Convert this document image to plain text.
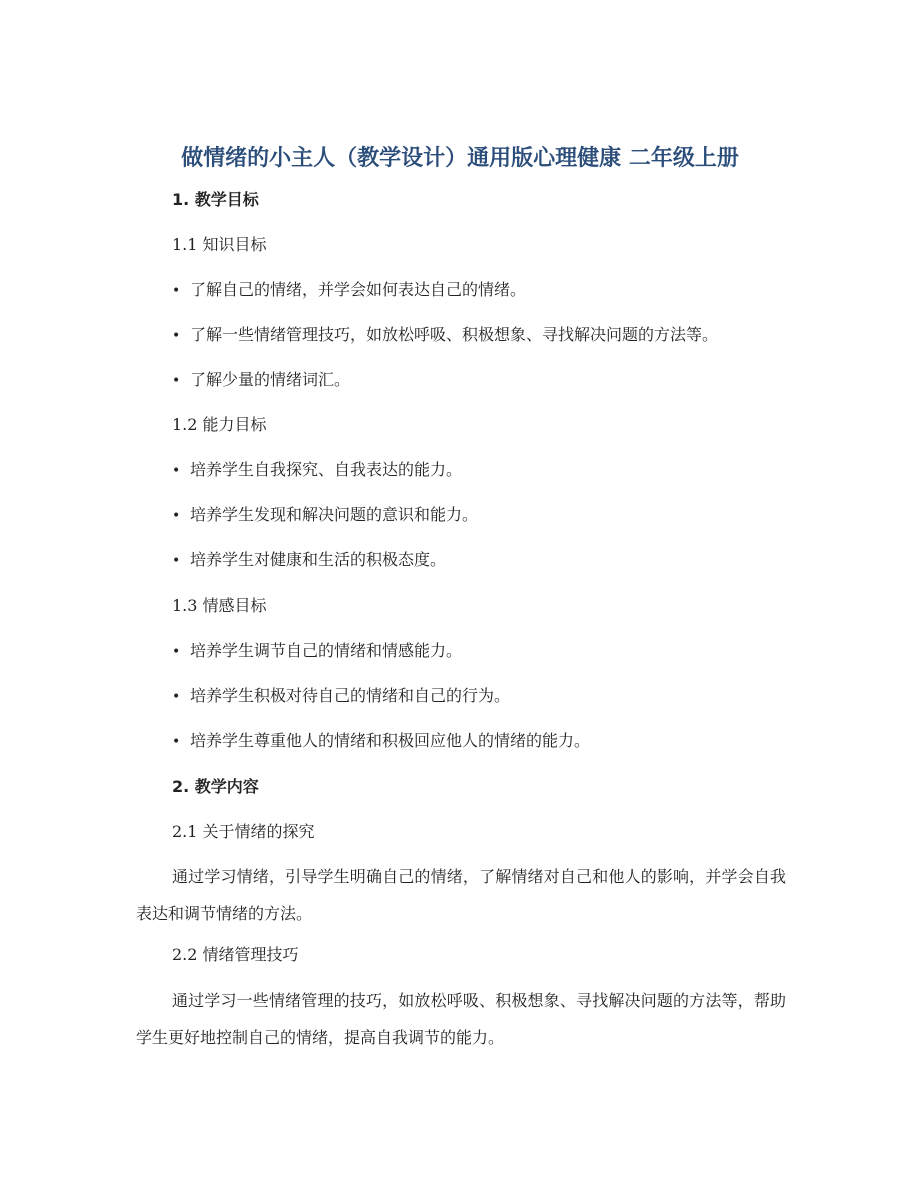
做情绪的小主人（教学设计）通用版心理健康 二年级上册
1. 教学目标
1.1 知识目标
• 了解自己的情绪，并学会如何表达自己的情绪。
• 了解一些情绪管理技巧，如放松呼吸、积极想象、寻找解决问题的方法等。
• 了解少量的情绪词汇。
1.2 能力目标
• 培养学生自我探究、自我表达的能力。
• 培养学生发现和解决问题的意识和能力。
• 培养学生对健康和生活的积极态度。
1.3 情感目标
• 培养学生调节自己的情绪和情感能力。
• 培养学生积极对待自己的情绪和自己的行为。
• 培养学生尊重他人的情绪和积极回应他人的情绪的能力。
2. 教学内容
2.1 关于情绪的探究
通过学习情绪，引导学生明确自己的情绪，了解情绪对自己和他人的影响，并学会自我表达和调节情绪的方法。
2.2 情绪管理技巧
通过学习一些情绪管理的技巧，如放松呼吸、积极想象、寻找解决问题的方法等，帮助学生更好地控制自己的情绪，提高自我调节的能力。
